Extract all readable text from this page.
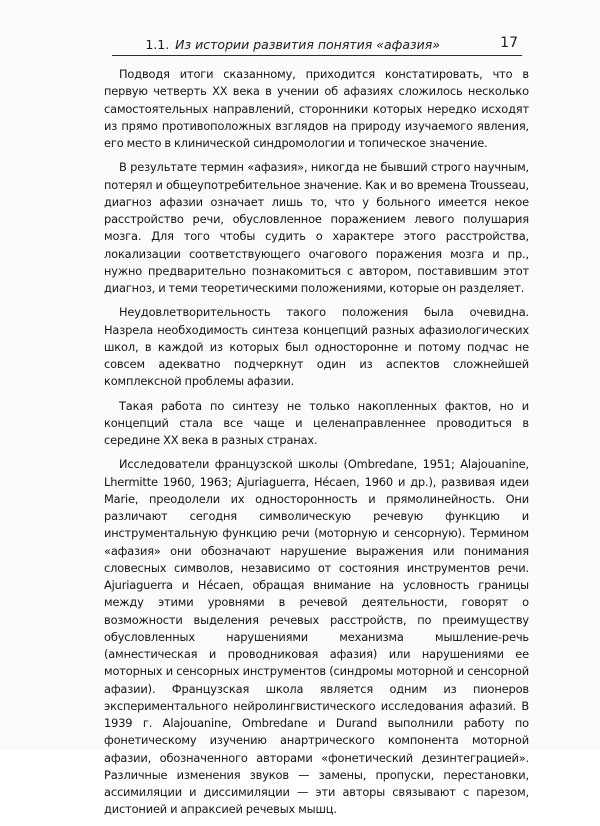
1.1. Из истории развития понятия «афазия»	17

Подводя итоги сказанному, приходится констатировать, что в первую четверть XX века в учении об афазиях сложилось несколько самостоятельных направлений, сторонники которых нередко исходят из прямо противоположных взглядов на природу изучаемого явления, его место в клинической синдромологии и топическое значение.

В результате термин «афазия», никогда не бывший строго научным, потерял и общеупотребительное значение. Как и во времена Trousseau, диагноз афазии означает лишь то, что у больного имеется некое расстройство речи, обусловленное поражением левого полушария мозга. Для того чтобы судить о характере этого расстройства, локализации соответствующего очагового поражения мозга и пр., нужно предварительно познакомиться с автором, поставившим этот диагноз, и теми теоретическими положениями, которые он разделяет.

Неудовлетворительность такого положения была очевидна. Назрела необходимость синтеза концепций разных афазиологических школ, в каждой из которых был односторонне и потому подчас не совсем адекватно подчеркнут один из аспектов сложнейшей комплексной проблемы афазии.

Такая работа по синтезу не только накопленных фактов, но и концепций стала все чаще и целенаправленнее проводиться в середине XX века в разных странах.

Исследователи французской школы (Ombredane, 1951; Alajouanine, Lhermitte 1960, 1963; Ajuriaguerra, Hécaen, 1960 и др.), развивая идеи Marie, преодолели их односторонность и прямолинейность. Они различают сегодня символическую речевую функцию и инструментальную функцию речи (моторную и сенсорную). Термином «афазия» они обозначают нарушение выражения или понимания словесных символов, независимо от состояния инструментов речи. Ajuriaguerra и Hécaen, обращая внимание на условность границы между этими уровнями в речевой деятельности, говорят о возможности выделения речевых расстройств, по преимуществу обусловленных нарушениями механизма мышление-речь (амнестическая и проводниковая афазия) или нарушениями ее моторных и сенсорных инструментов (синдромы моторной и сенсорной афазии). Французская школа является одним из пионеров экспериментального нейролингвистического исследования афазий. В 1939 г. Alajouanine, Ombredane и Durand выполнили работу по фонетическому изучению анартрического компонента моторной афазии, обозначенного авторами «фонетический дезинтеграцией». Различные изменения звуков — замены, пропуски, перестановки, ассимиляции и диссимиляции — эти авторы связывают с парезом, дистонией и апраксией речевых мышц.
